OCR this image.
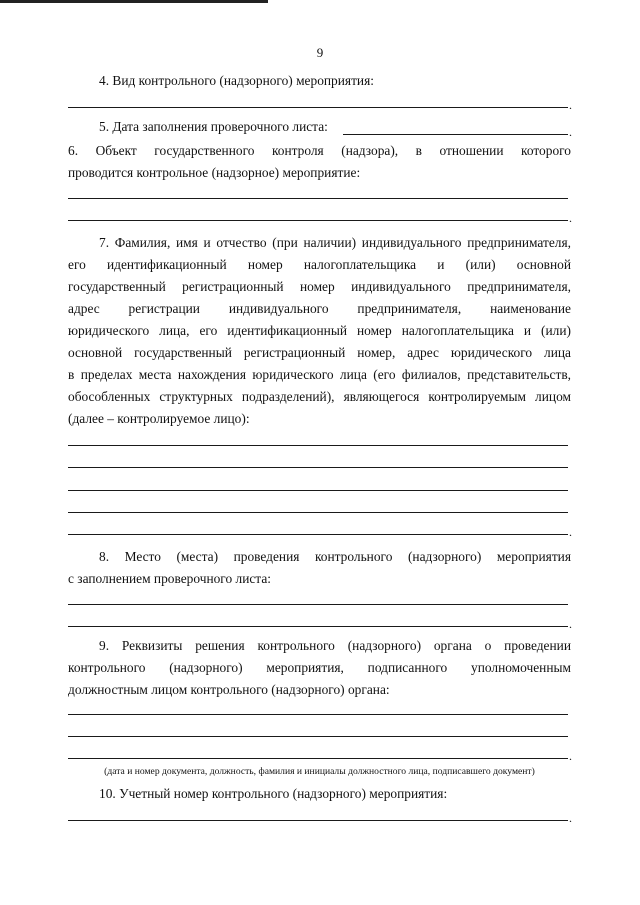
9

4. Вид контрольного (надзорного) мероприятия:

.

5. Дата заполнения проверочного листа:	.

6. Объект государственного контроля (надзора), в отношении которого

проводится контрольное (надзорное) мероприятие:

.

7. Фамилия, имя и отчество (при наличии) индивидуального предпринимателя,

его идентификационный номер налогоплательщика и (или) основной

государственный регистрационный номер индивидуального предпринимателя,

адрес регистрации индивидуального предпринимателя, наименование

юридического лица, его идентификационный номер налогоплательщика и (или)

основной государственный регистрационный номер, адрес юридического лица

в пределах места нахождения юридического лица (его филиалов, представительств,

обособленных структурных подразделений), являющегося контролируемым лицом

(далее – контролируемое лицо):

.

8. Место (места) проведения контрольного (надзорного) мероприятия

с заполнением проверочного листа:

.

9. Реквизиты решения контрольного (надзорного) органа о проведении

контрольного (надзорного) мероприятия, подписанного уполномоченным

должностным лицом контрольного (надзорного) органа:

.
(дата и номер документа, должность, фамилия и инициалы должностного лица, подписавшего документ)

10. Учетный номер контрольного (надзорного) мероприятия:

.
